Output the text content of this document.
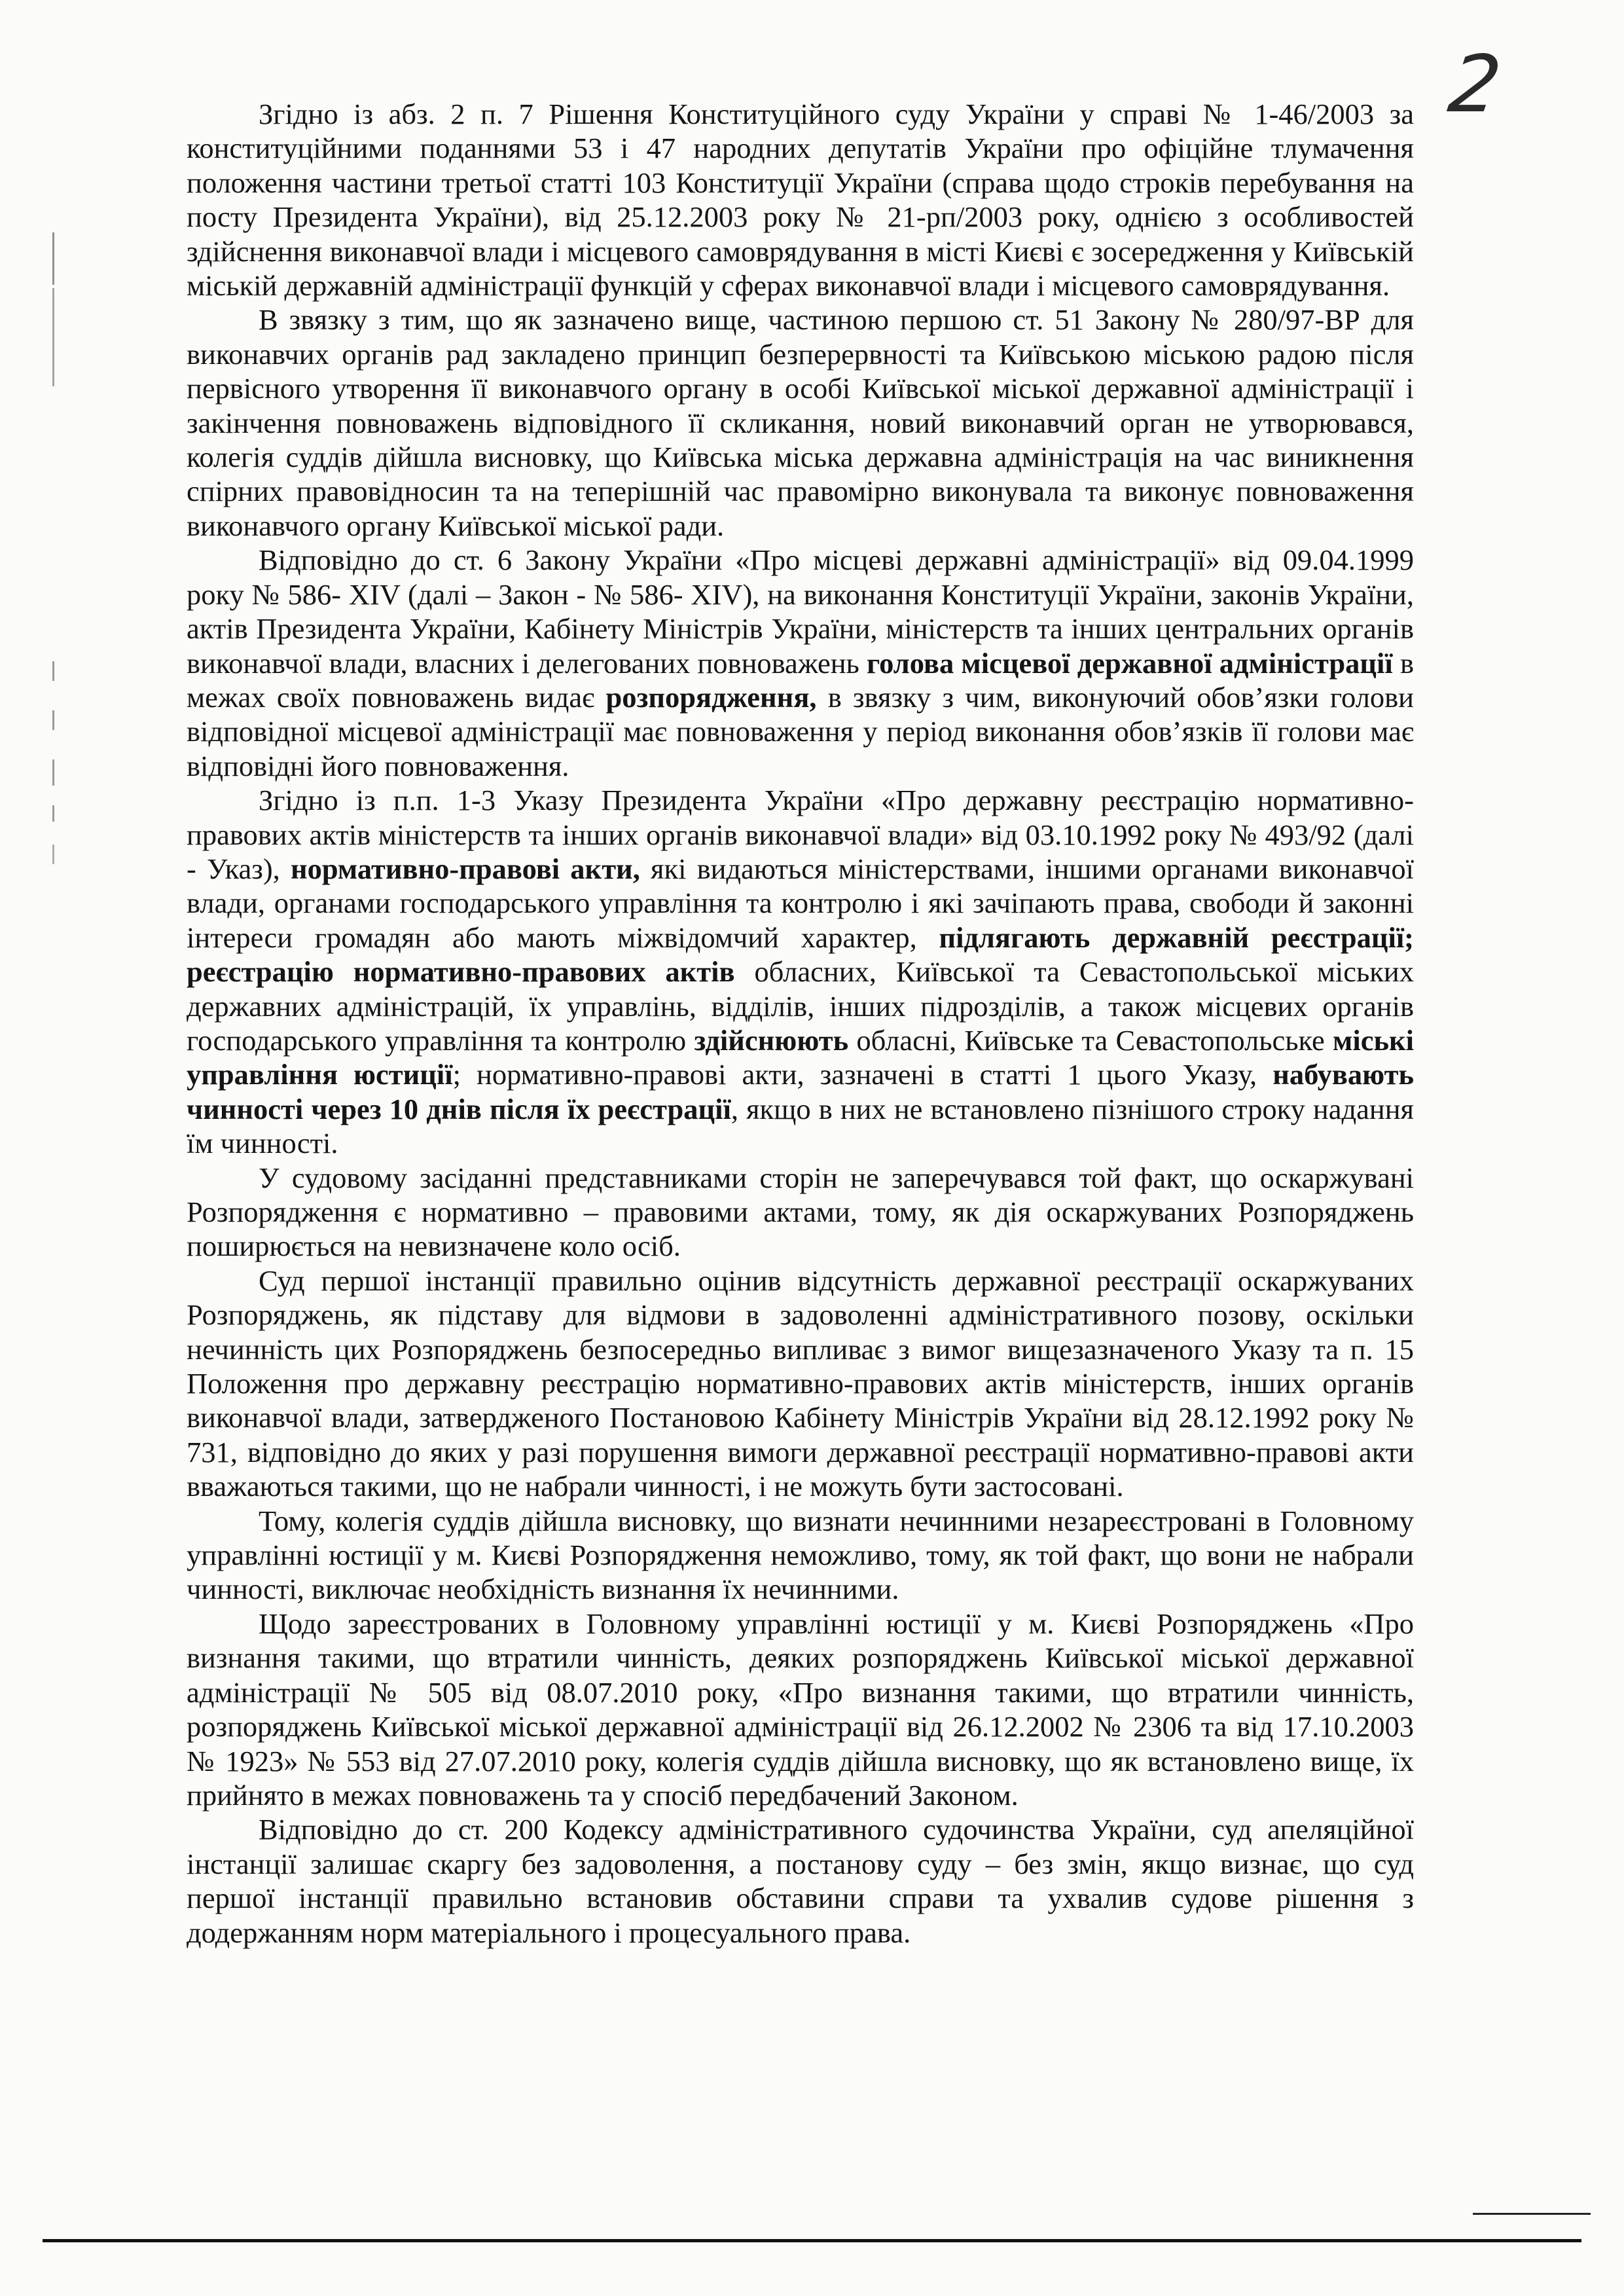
2

Згідно із абз. 2 п. 7 Рішення Конституційного суду України у справі № 1-46/2003 за конституційними поданнями 53 і 47 народних депутатів України про офіційне тлумачення положення частини третьої статті 103 Конституції України (справа щодо строків перебування на посту Президента України), від 25.12.2003 року № 21-рп/2003 року, однією з особливостей здійснення виконавчої влади і місцевого самоврядування в місті Києві є зосередження у Київській міській державній адміністрації функцій у сферах виконавчої влади і місцевого самоврядування.

В звязку з тим, що як зазначено вище, частиною першою ст. 51 Закону № 280/97-ВР для виконавчих органів рад закладено принцип безперервності та Київською міською радою після первісного утворення її виконавчого органу в особі Київської міської державної адміністрації і закінчення повноважень відповідного її скликання, новий виконавчий орган не утворювався, колегія суддів дійшла висновку, що Київська міська державна адміністрація на час виникнення спірних правовідносин та на теперішній час правомірно виконувала та виконує повноваження виконавчого органу Київської міської ради.

Відповідно до ст. 6 Закону України «Про місцеві державні адміністрації» від 09.04.1999 року № 586- XIV (далі – Закон - № 586- XIV), на виконання Конституції України, законів України, актів Президента України, Кабінету Міністрів України, міністерств та інших центральних органів виконавчої влади, власних і делегованих повноважень голова місцевої державної адміністрації в межах своїх повноважень видає розпорядження, в звязку з чим, виконуючий обов’язки голови відповідної місцевої адміністрації має повноваження у період виконання обов’язків її голови має відповідні його повноваження.

Згідно із п.п. 1-3 Указу Президента України «Про державну реєстрацію нормативно-правових актів міністерств та інших органів виконавчої влади» від 03.10.1992 року № 493/92 (далі - Указ), нормативно-правові акти, які видаються міністерствами, іншими органами виконавчої влади, органами господарського управління та контролю і які зачіпають права, свободи й законні інтереси громадян або мають міжвідомчий характер, підлягають державній реєстрації; реєстрацію нормативно-правових актів обласних, Київської та Севастопольської міських державних адміністрацій, їх управлінь, відділів, інших підрозділів, а також місцевих органів господарського управління та контролю здійснюють обласні, Київське та Севастопольське міські управління юстиції; нормативно-правові акти, зазначені в статті 1 цього Указу, набувають чинності через 10 днів після їх реєстрації, якщо в них не встановлено пізнішого строку надання їм чинності.

У судовому засіданні представниками сторін не заперечувався той факт, що оскаржувані Розпорядження є нормативно – правовими актами, тому, як дія оскаржуваних Розпоряджень поширюється на невизначене коло осіб.

Суд першої інстанції правильно оцінив відсутність державної реєстрації оскаржуваних Розпоряджень, як підставу для відмови в задоволенні адміністративного позову, оскільки нечинність цих Розпоряджень безпосередньо випливає з вимог вищезазначеного Указу та п. 15 Положення про державну реєстрацію нормативно-правових актів міністерств, інших органів виконавчої влади, затвердженого Постановою Кабінету Міністрів України від 28.12.1992 року № 731, відповідно до яких у разі порушення вимоги державної реєстрації нормативно-правові акти вважаються такими, що не набрали чинності, і не можуть бути застосовані.

Тому, колегія суддів дійшла висновку, що визнати нечинними незареєстровані в Головному управлінні юстиції у м. Києві Розпорядження неможливо, тому, як той факт, що вони не набрали чинності, виключає необхідність визнання їх нечинними.

Щодо зареєстрованих в Головному управлінні юстиції у м. Києві Розпоряджень «Про визнання такими, що втратили чинність, деяких розпоряджень Київської міської державної адміністрації № 505 від 08.07.2010 року, «Про визнання такими, що втратили чинність, розпоряджень Київської міської державної адміністрації від 26.12.2002 № 2306 та від 17.10.2003 № 1923» № 553 від 27.07.2010 року, колегія суддів дійшла висновку, що як встановлено вище, їх прийнято в межах повноважень та у спосіб передбачений Законом.

Відповідно до ст. 200 Кодексу адміністративного судочинства України, суд апеляційної інстанції залишає скаргу без задоволення, а постанову суду – без змін, якщо визнає, що суд першої інстанції правильно встановив обставини справи та ухвалив судове рішення з додержанням норм матеріального і процесуального права.
